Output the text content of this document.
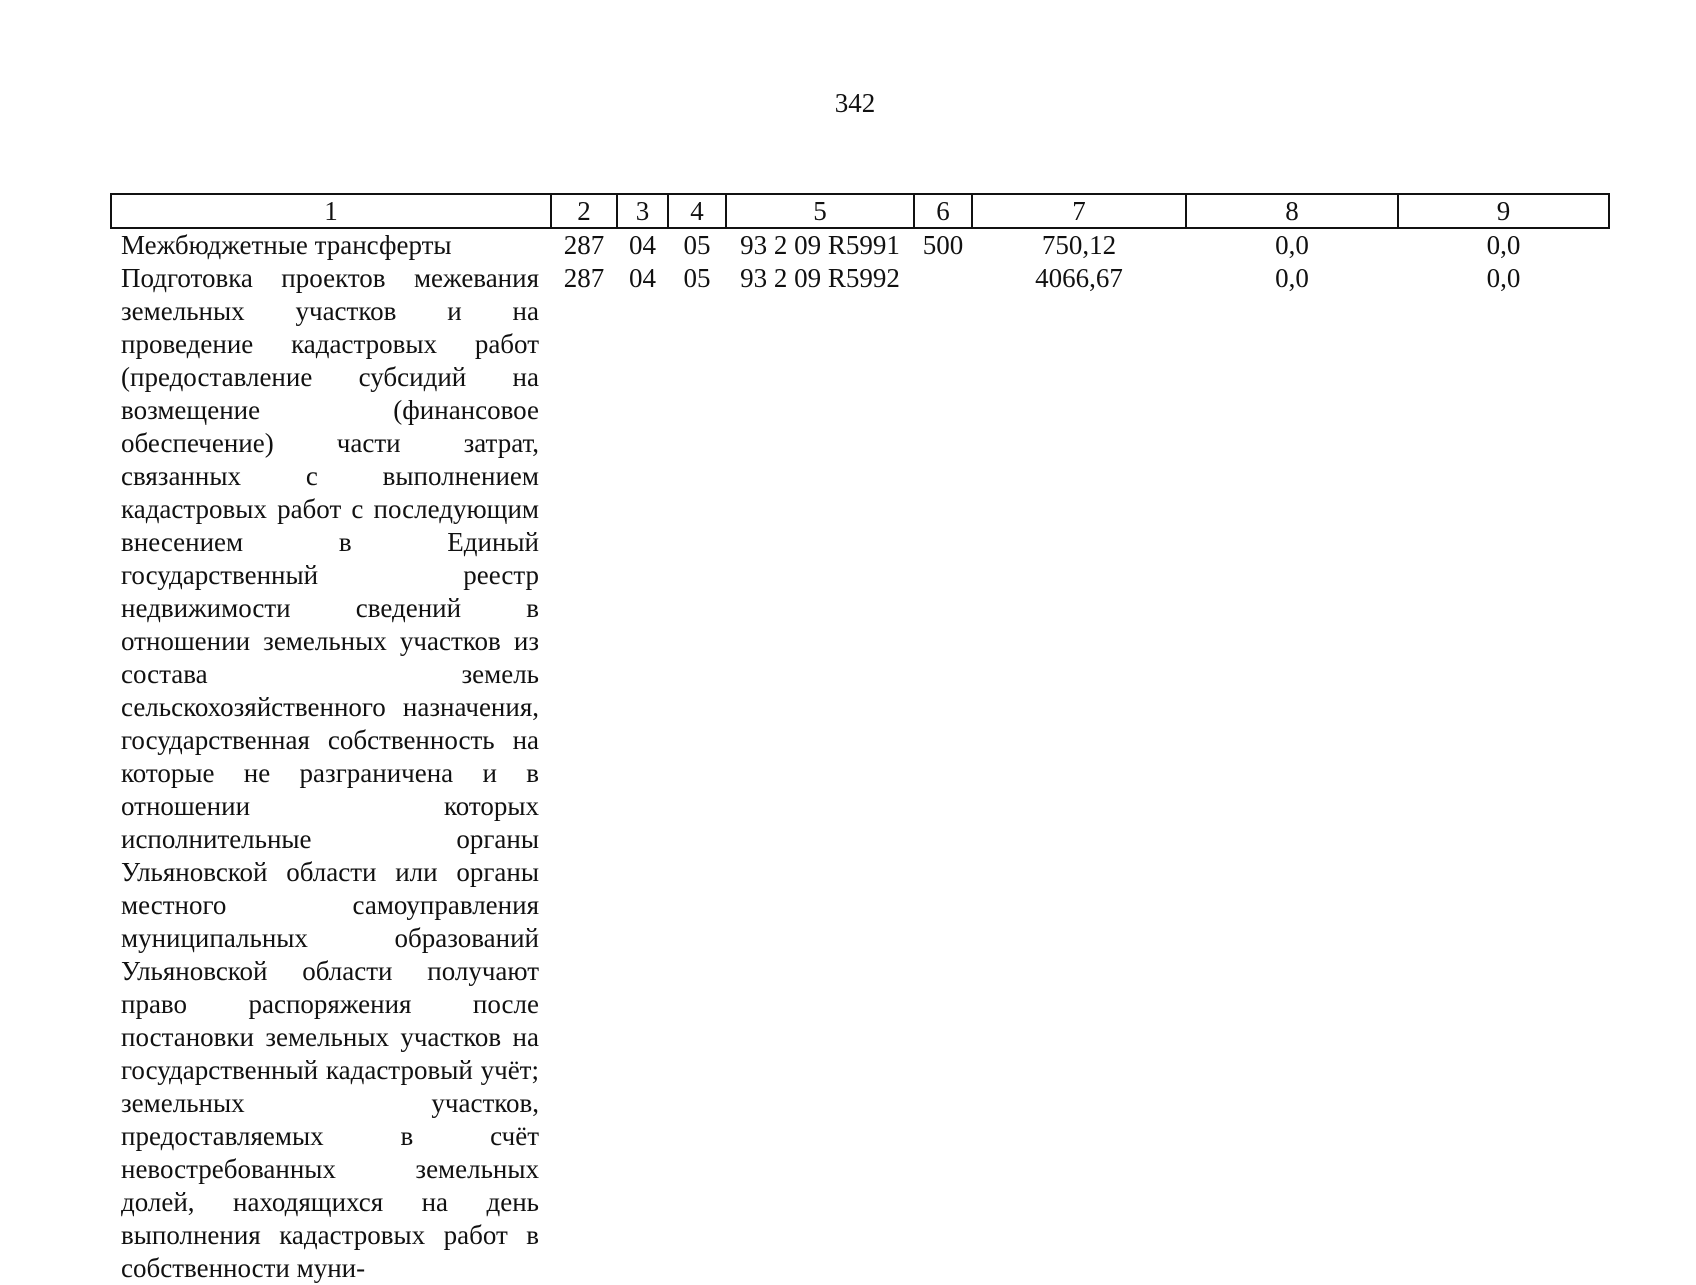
342
1	2	3	4	5	6	7	8	9
Межбюджетные трансферты	287	04	05	93 2 09 R5991	500	750,12	0,0	0,0
Подготовка проектов межевания земельных участков и на проведение кадастровых работ (предоставление субсидий на возмещение (финансовое обеспечение) части затрат, связанных с выполнением кадастровых работ с последующим внесением в Единый государственный реестр недвижимости сведений в отношении земельных участков из состава земель сельскохозяйственного назначения, государственная собственность на которые не разграничена и в отношении которых исполнительные органы Ульяновской области или органы местного самоуправления муниципальных образований Ульяновской области получают право распоряжения после постановки земельных участков на государственный кадастровый учёт; земельных участков, предоставляемых в счёт невостребованных земельных долей, находящихся на день выполнения кадастровых работ в собственности муни-	287	04	05	93 2 09 R5992		4066,67	0,0	0,0
